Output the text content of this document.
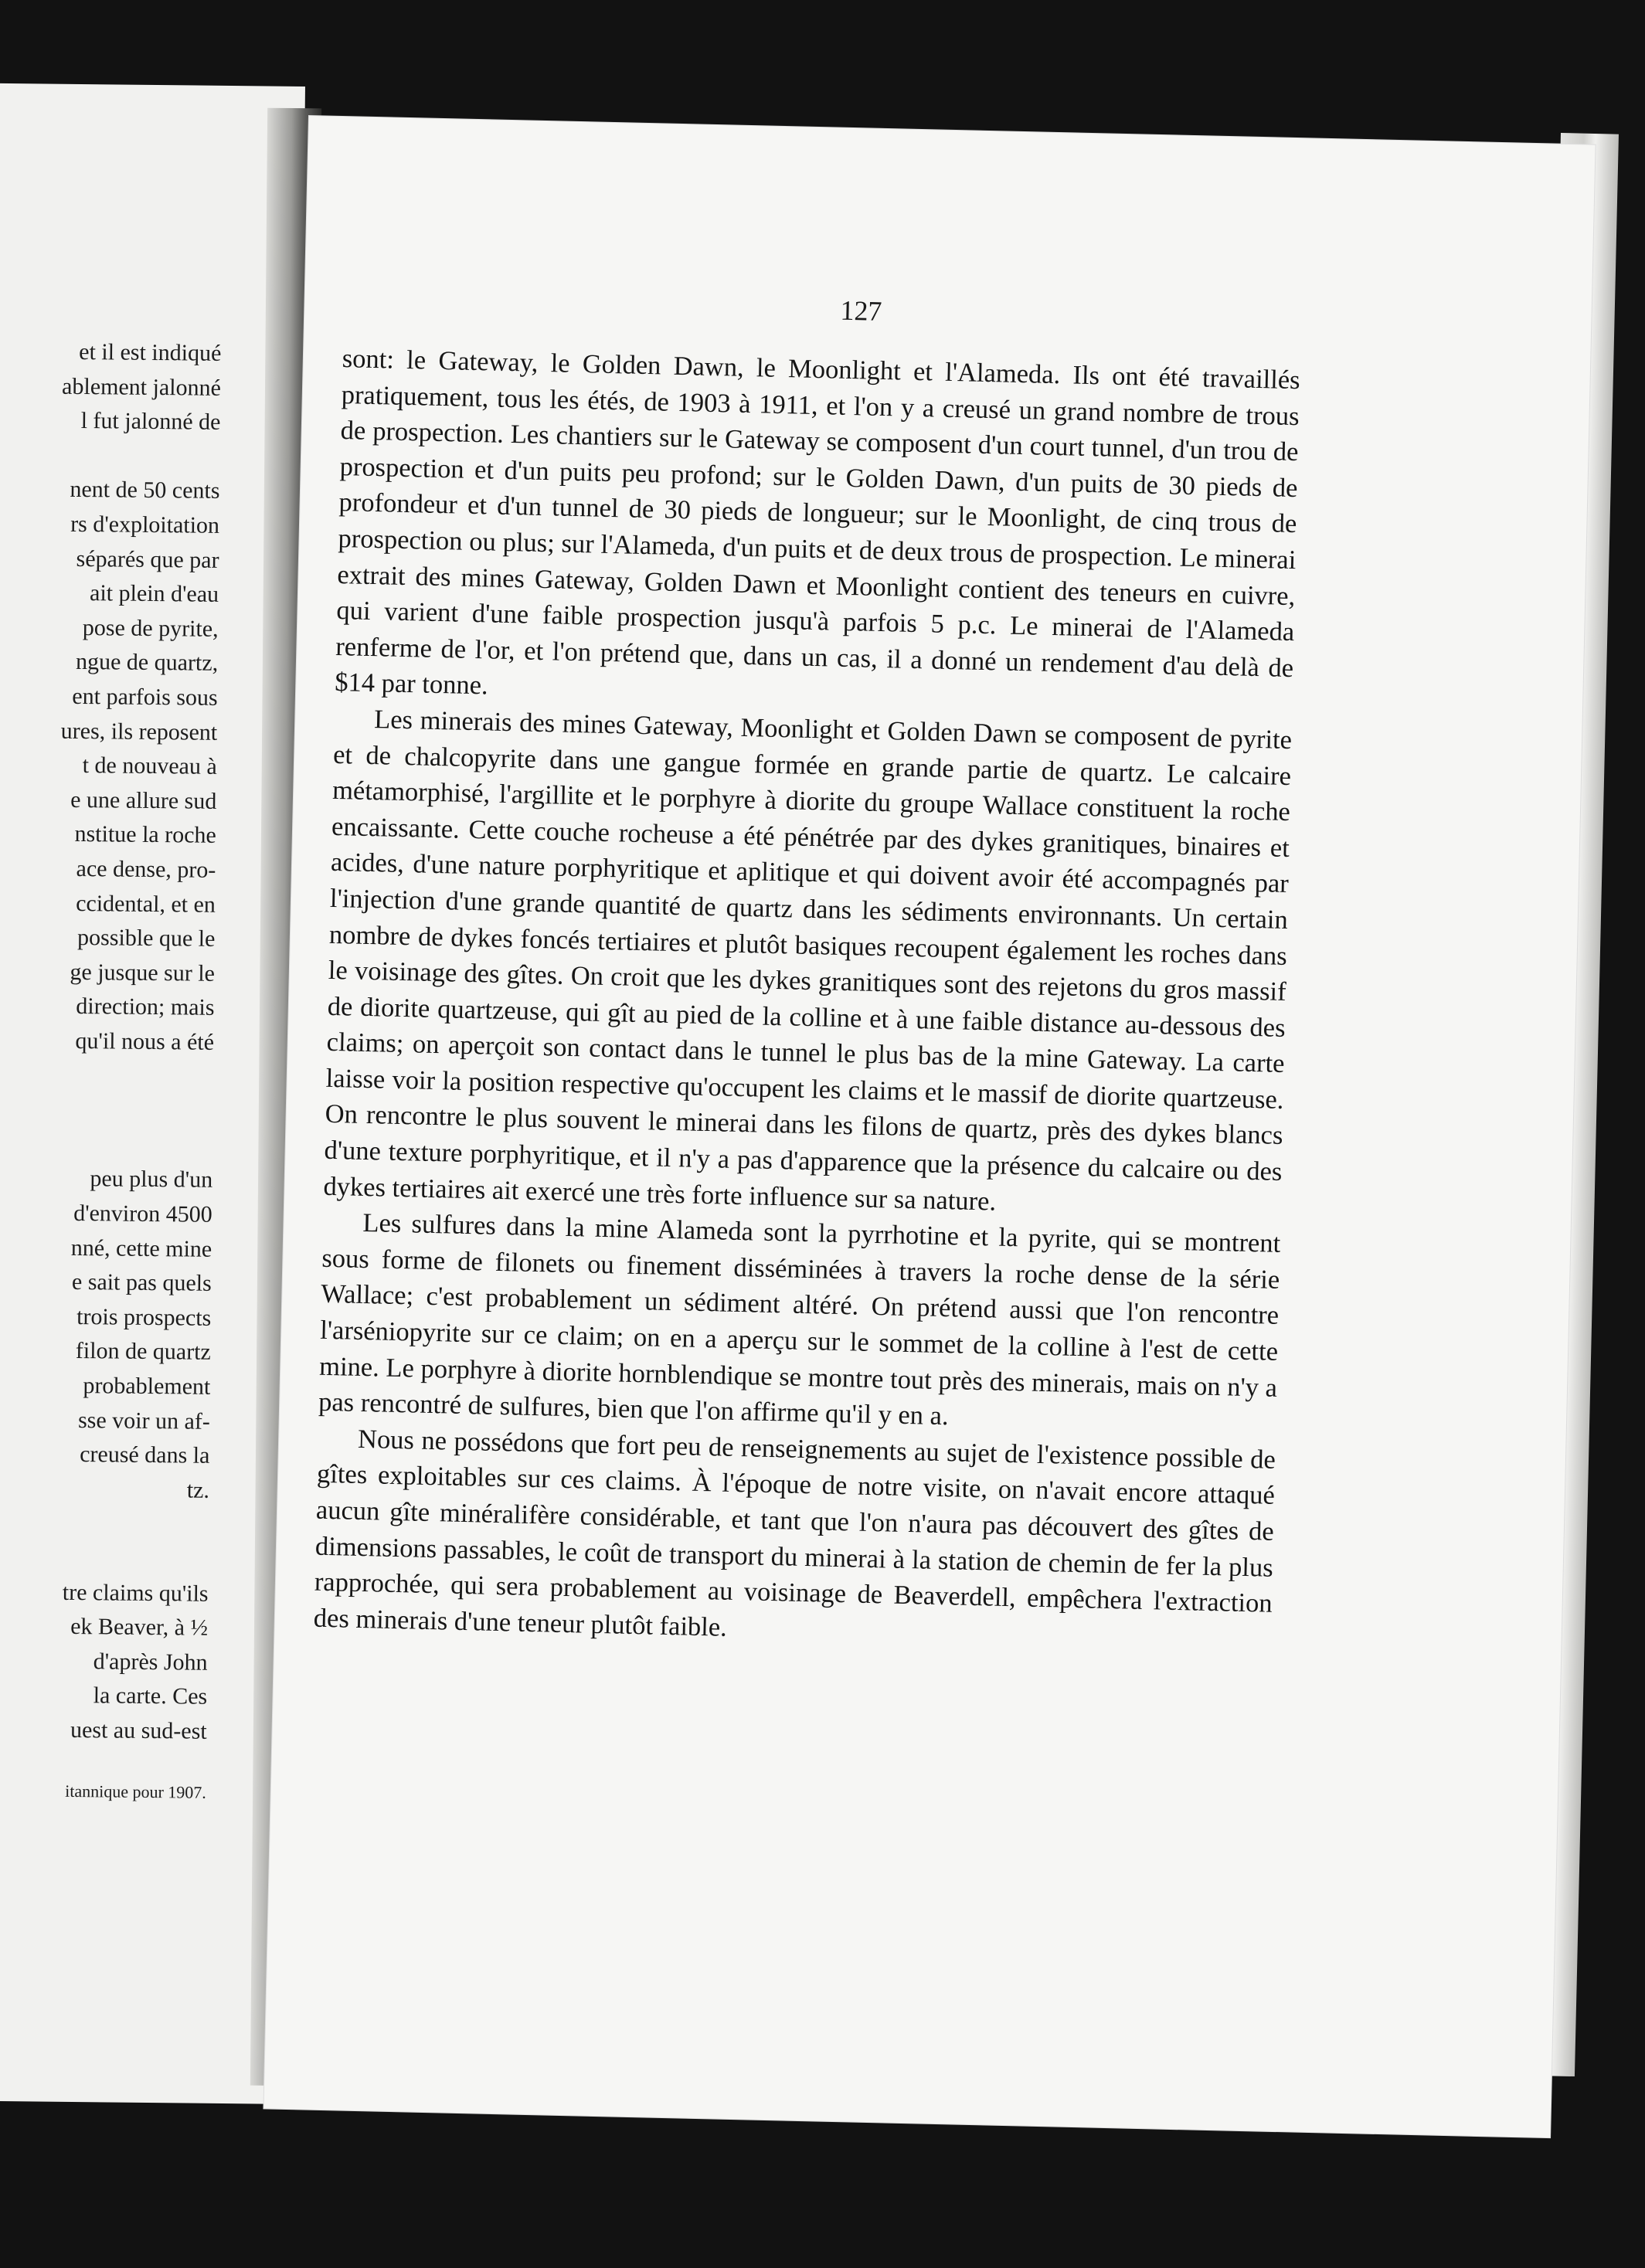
et il est indiqué
ablement jalonné
l fut jalonné de
nent de 50 cents
rs d'exploitation
séparés que par
ait plein d'eau
pose de pyrite,
ngue de quartz,
ent parfois sous
ures, ils reposent
t de nouveau à
e une allure sud
nstitue la roche
ace dense, pro-
ccidental, et en
possible que le
ge jusque sur le
direction; mais
qu'il nous a été
peu plus d'un
d'environ 4500
nné, cette mine
e sait pas quels
trois prospects
filon de quartz
probablement
sse voir un af-
creusé dans la
tz.
tre claims qu'ils
ek Beaver, à ½
d'après John
la carte. Ces
uest au sud-est
itannique pour 1907.
127

sont: le Gateway, le Golden Dawn, le Moonlight et l'Alameda. Ils ont été travaillés pratiquement, tous les étés, de 1903 à 1911, et l'on y a creusé un grand nombre de trous de prospection. Les chantiers sur le Gateway se composent d'un court tunnel, d'un trou de prospection et d'un puits peu profond; sur le Golden Dawn, d'un puits de 30 pieds de profondeur et d'un tunnel de 30 pieds de longueur; sur le Moonlight, de cinq trous de prospection ou plus; sur l'Alameda, d'un puits et de deux trous de prospection. Le minerai extrait des mines Gateway, Golden Dawn et Moonlight contient des teneurs en cuivre, qui varient d'une faible prospection jusqu'à parfois 5 p.c. Le minerai de l'Alameda renferme de l'or, et l'on prétend que, dans un cas, il a donné un rendement d'au delà de $14 par tonne.

Les minerais des mines Gateway, Moonlight et Golden Dawn se composent de pyrite et de chalcopyrite dans une gangue formée en grande partie de quartz. Le calcaire métamorphisé, l'argillite et le porphyre à diorite du groupe Wallace constituent la roche encaissante. Cette couche rocheuse a été pénétrée par des dykes granitiques, binaires et acides, d'une nature porphyritique et aplitique et qui doivent avoir été accompagnés par l'injection d'une grande quantité de quartz dans les sédiments environnants. Un certain nombre de dykes foncés tertiaires et plutôt basiques recoupent également les roches dans le voisinage des gîtes. On croit que les dykes granitiques sont des rejetons du gros massif de diorite quartzeuse, qui gît au pied de la colline et à une faible distance au-dessous des claims; on aperçoit son contact dans le tunnel le plus bas de la mine Gateway. La carte laisse voir la position respective qu'occupent les claims et le massif de diorite quartzeuse. On rencontre le plus souvent le minerai dans les filons de quartz, près des dykes blancs d'une texture porphyritique, et il n'y a pas d'apparence que la présence du calcaire ou des dykes tertiaires ait exercé une très forte influence sur sa nature.

Les sulfures dans la mine Alameda sont la pyrrhotine et la pyrite, qui se montrent sous forme de filonets ou finement disséminées à travers la roche dense de la série Wallace; c'est probablement un sédiment altéré. On prétend aussi que l'on rencontre l'arséniopyrite sur ce claim; on en a aperçu sur le sommet de la colline à l'est de cette mine. Le porphyre à diorite hornblendique se montre tout près des minerais, mais on n'y a pas rencontré de sulfures, bien que l'on affirme qu'il y en a.

Nous ne possédons que fort peu de renseignements au sujet de l'existence possible de gîtes exploitables sur ces claims. À l'époque de notre visite, on n'avait encore attaqué aucun gîte minéralifère considérable, et tant que l'on n'aura pas découvert des gîtes de dimensions passables, le coût de transport du minerai à la station de chemin de fer la plus rapprochée, qui sera probablement au voisinage de Beaverdell, empêchera l'extraction des minerais d'une teneur plutôt faible.
